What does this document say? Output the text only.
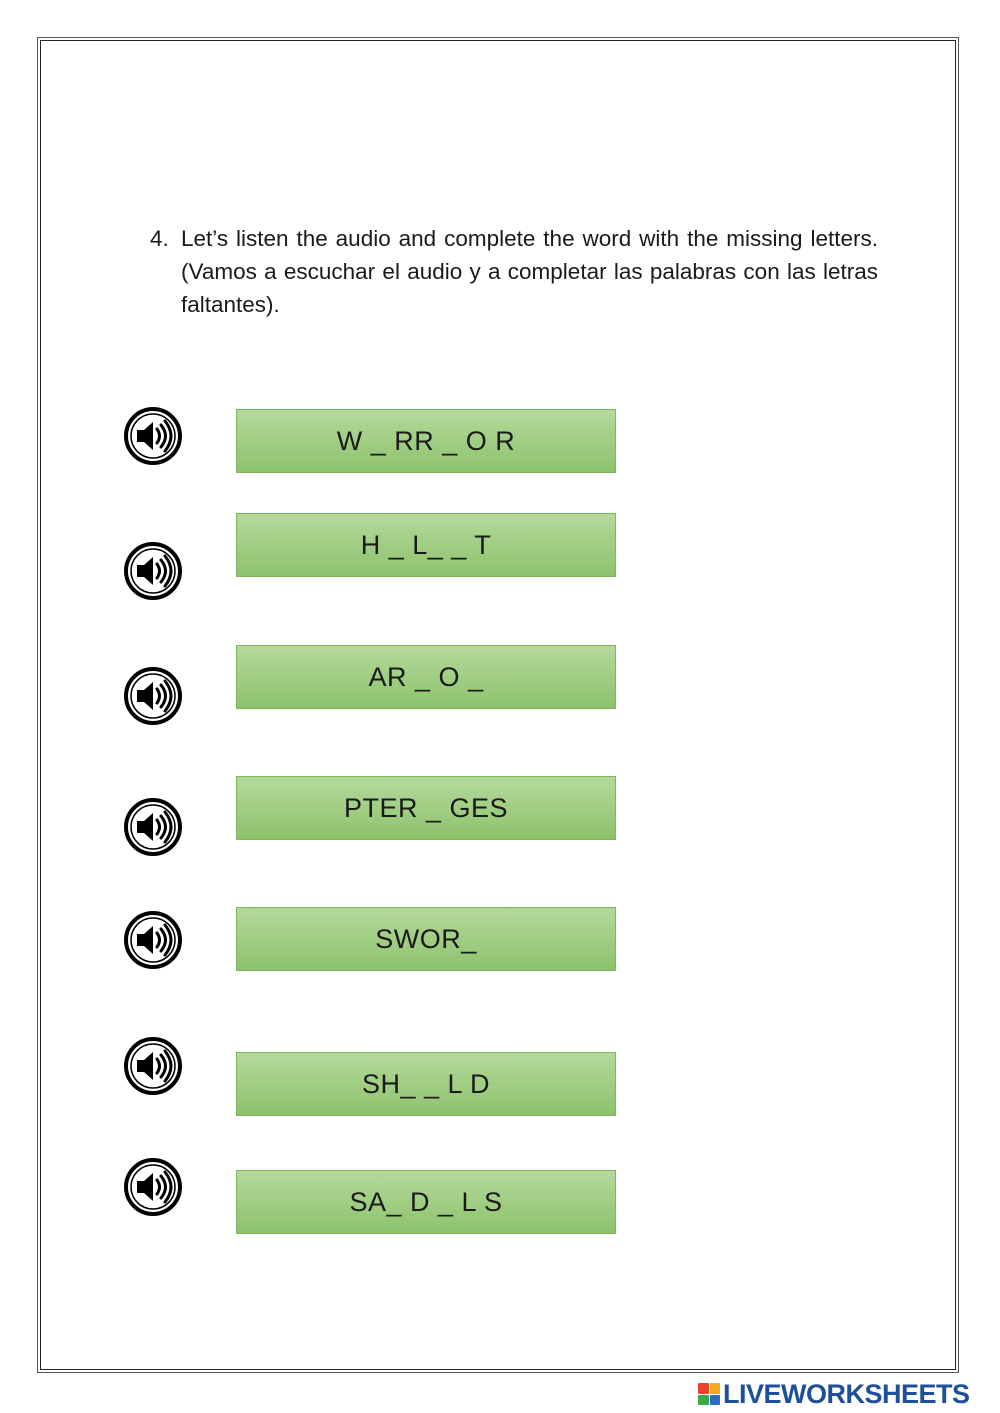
4. Let’s listen the audio and complete the word with the missing letters. (Vamos a escuchar el audio y a completar las palabras con las letras faltantes).
W _ RR _ O R
H _ L_ _ T
AR _ O _
PTER _ GES
SWOR_
SH_ _ L D
SA_ D _ L S
LIVEWORKSHEETS
